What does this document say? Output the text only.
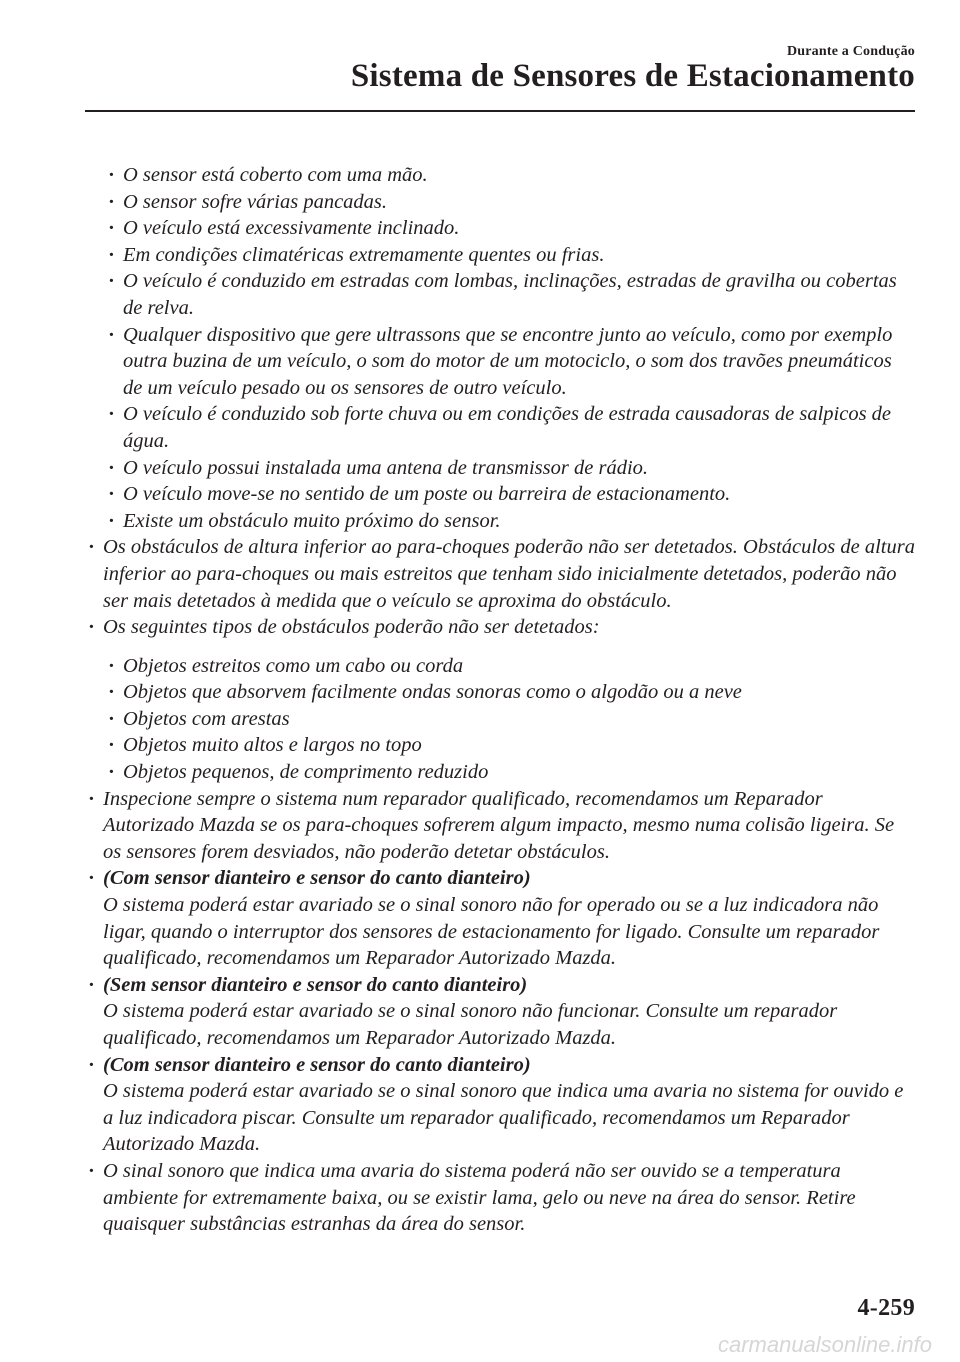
Durante a Condução
Sistema de Sensores de Estacionamento
· O sensor está coberto com uma mão.
· O sensor sofre várias pancadas.
· O veículo está excessivamente inclinado.
· Em condições climatéricas extremamente quentes ou frias.
· O veículo é conduzido em estradas com lombas, inclinações, estradas de gravilha ou cobertas de relva.
· Qualquer dispositivo que gere ultrassons que se encontre junto ao veículo, como por exemplo outra buzina de um veículo, o som do motor de um motociclo, o som dos travões pneumáticos de um veículo pesado ou os sensores de outro veículo.
· O veículo é conduzido sob forte chuva ou em condições de estrada causadoras de salpicos de água.
· O veículo possui instalada uma antena de transmissor de rádio.
· O veículo move-se no sentido de um poste ou barreira de estacionamento.
· Existe um obstáculo muito próximo do sensor.
· Os obstáculos de altura inferior ao para-choques poderão não ser detetados. Obstáculos de altura inferior ao para-choques ou mais estreitos que tenham sido inicialmente detetados, poderão não ser mais detetados à medida que o veículo se aproxima do obstáculo.
· Os seguintes tipos de obstáculos poderão não ser detetados:
· Objetos estreitos como um cabo ou corda
· Objetos que absorvem facilmente ondas sonoras como o algodão ou a neve
· Objetos com arestas
· Objetos muito altos e largos no topo
· Objetos pequenos, de comprimento reduzido
· Inspecione sempre o sistema num reparador qualificado, recomendamos um Reparador Autorizado Mazda se os para-choques sofrerem algum impacto, mesmo numa colisão ligeira. Se os sensores forem desviados, não poderão detetar obstáculos.
· (Com sensor dianteiro e sensor do canto dianteiro)
O sistema poderá estar avariado se o sinal sonoro não for operado ou se a luz indicadora não ligar, quando o interruptor dos sensores de estacionamento for ligado. Consulte um reparador qualificado, recomendamos um Reparador Autorizado Mazda.
· (Sem sensor dianteiro e sensor do canto dianteiro)
O sistema poderá estar avariado se o sinal sonoro não funcionar. Consulte um reparador qualificado, recomendamos um Reparador Autorizado Mazda.
· (Com sensor dianteiro e sensor do canto dianteiro)
O sistema poderá estar avariado se o sinal sonoro que indica uma avaria no sistema for ouvido e a luz indicadora piscar. Consulte um reparador qualificado, recomendamos um Reparador Autorizado Mazda.
· O sinal sonoro que indica uma avaria do sistema poderá não ser ouvido se a temperatura ambiente for extremamente baixa, ou se existir lama, gelo ou neve na área do sensor. Retire quaisquer substâncias estranhas da área do sensor.
4-259
carmanualsonline.info
